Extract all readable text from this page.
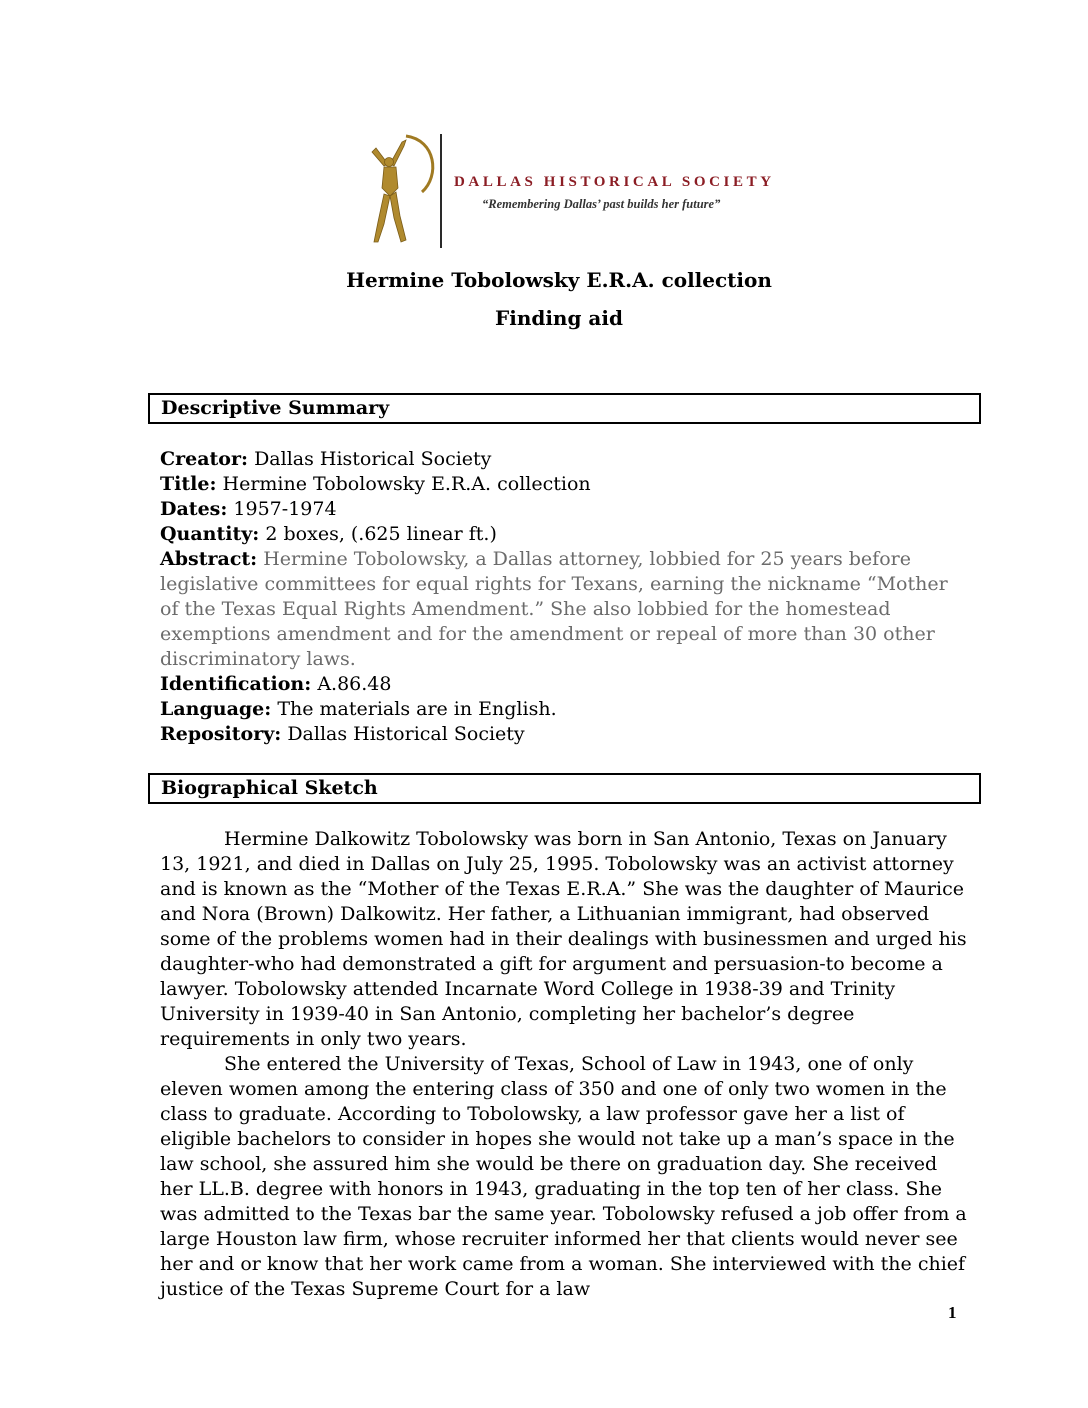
DALLAS HISTORICAL SOCIETY
“Remembering Dallas’ past builds her future”
Hermine Tobolowsky E.R.A. collection
Finding aid
Descriptive Summary
Creator: Dallas Historical Society
Title: Hermine Tobolowsky E.R.A. collection
Dates: 1957-1974
Quantity: 2 boxes, (.625 linear ft.)
Abstract: Hermine Tobolowsky, a Dallas attorney, lobbied for 25 years before legislative committees for equal rights for Texans, earning the nickname “Mother of the Texas Equal Rights Amendment.” She also lobbied for the homestead exemptions amendment and for the amendment or repeal of more than 30 other discriminatory laws.
Identification: A.86.48
Language: The materials are in English.
Repository: Dallas Historical Society
Biographical Sketch

Hermine Dalkowitz Tobolowsky was born in San Antonio, Texas on January 13, 1921, and died in Dallas on July 25, 1995. Tobolowsky was an activist attorney and is known as the “Mother of the Texas E.R.A.” She was the daughter of Maurice and Nora (Brown) Dalkowitz. Her father, a Lithuanian immigrant, had observed some of the problems women had in their dealings with businessmen and urged his daughter-who had demonstrated a gift for argument and persuasion-to become a lawyer. Tobolowsky attended Incarnate Word College in 1938-39 and Trinity University in 1939-40 in San Antonio, completing her bachelor’s degree requirements in only two years.

She entered the University of Texas, School of Law in 1943, one of only eleven women among the entering class of 350 and one of only two women in the class to graduate. According to Tobolowsky, a law professor gave her a list of eligible bachelors to consider in hopes she would not take up a man’s space in the law school, she assured him she would be there on graduation day. She received her LL.B. degree with honors in 1943, graduating in the top ten of her class. She was admitted to the Texas bar the same year. Tobolowsky refused a job offer from a large Houston law firm, whose recruiter informed her that clients would never see her and or know that her work came from a woman. She interviewed with the chief justice of the Texas Supreme Court for a law

1
